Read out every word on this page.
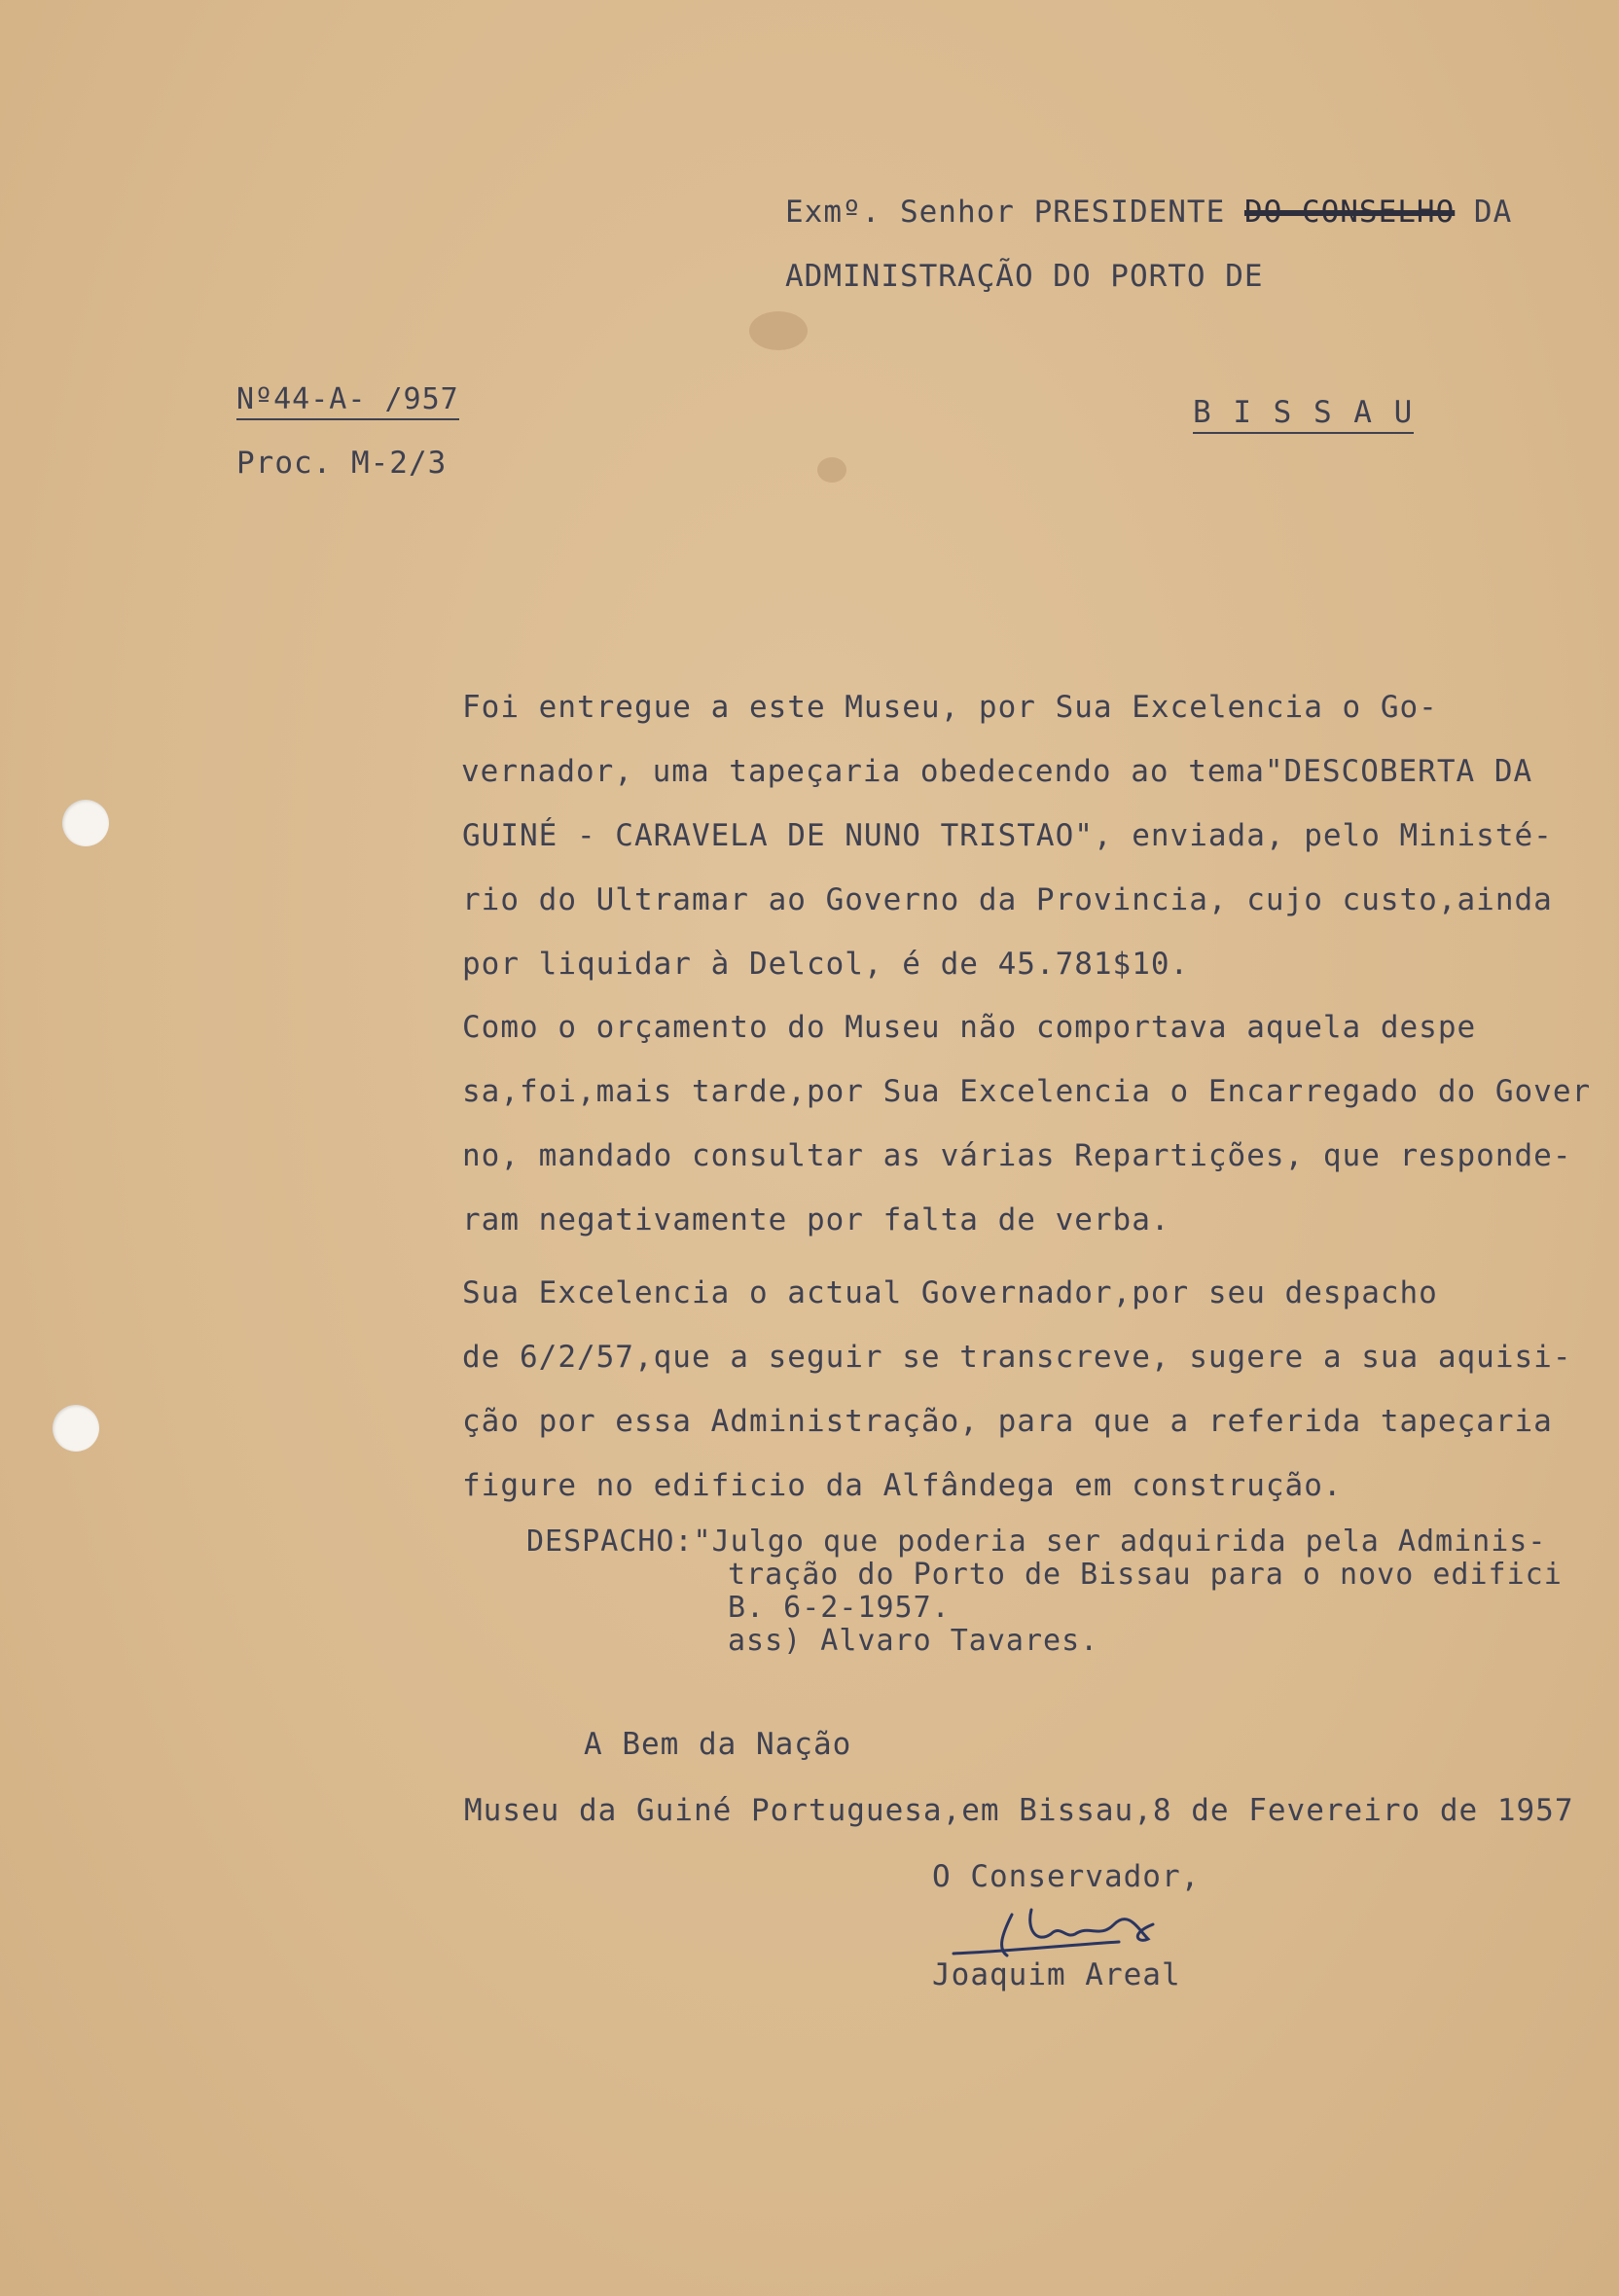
Exmº. Senhor PRESIDENTE DO CONSELHO DA
ADMINISTRAÇÃO DO PORTO DE
Nº44-A- /957
Proc. M-2/3
B I S S A U
Foi entregue a este Museu, por Sua Excelencia o Go-
vernador, uma tapeçaria obedecendo ao tema"DESCOBERTA DA
GUINÉ - CARAVELA DE NUNO TRISTAO", enviada, pelo Ministé-
rio do Ultramar ao Governo da Provincia, cujo custo,ainda
por liquidar à Delcol, é de 45.781$10.
Como o orçamento do Museu não comportava aquela despe
sa,foi,mais tarde,por Sua Excelencia o Encarregado do Gover
no, mandado consultar as várias Repartições, que responde-
ram negativamente por falta de verba.
Sua Excelencia o actual Governador,por seu despacho
de 6/2/57,que a seguir se transcreve, sugere a sua aquisi-
ção por essa Administração, para que a referida tapeçaria
figure no edificio da Alfândega em construção.
DESPACHO:"Julgo que poderia ser adquirida pela Adminis-
tração do Porto de Bissau para o novo edifici
B. 6-2-1957.
ass) Alvaro Tavares.
A Bem da Nação
Museu da Guiné Portuguesa,em Bissau,8 de Fevereiro de 1957
O Conservador,
Joaquim Areal
